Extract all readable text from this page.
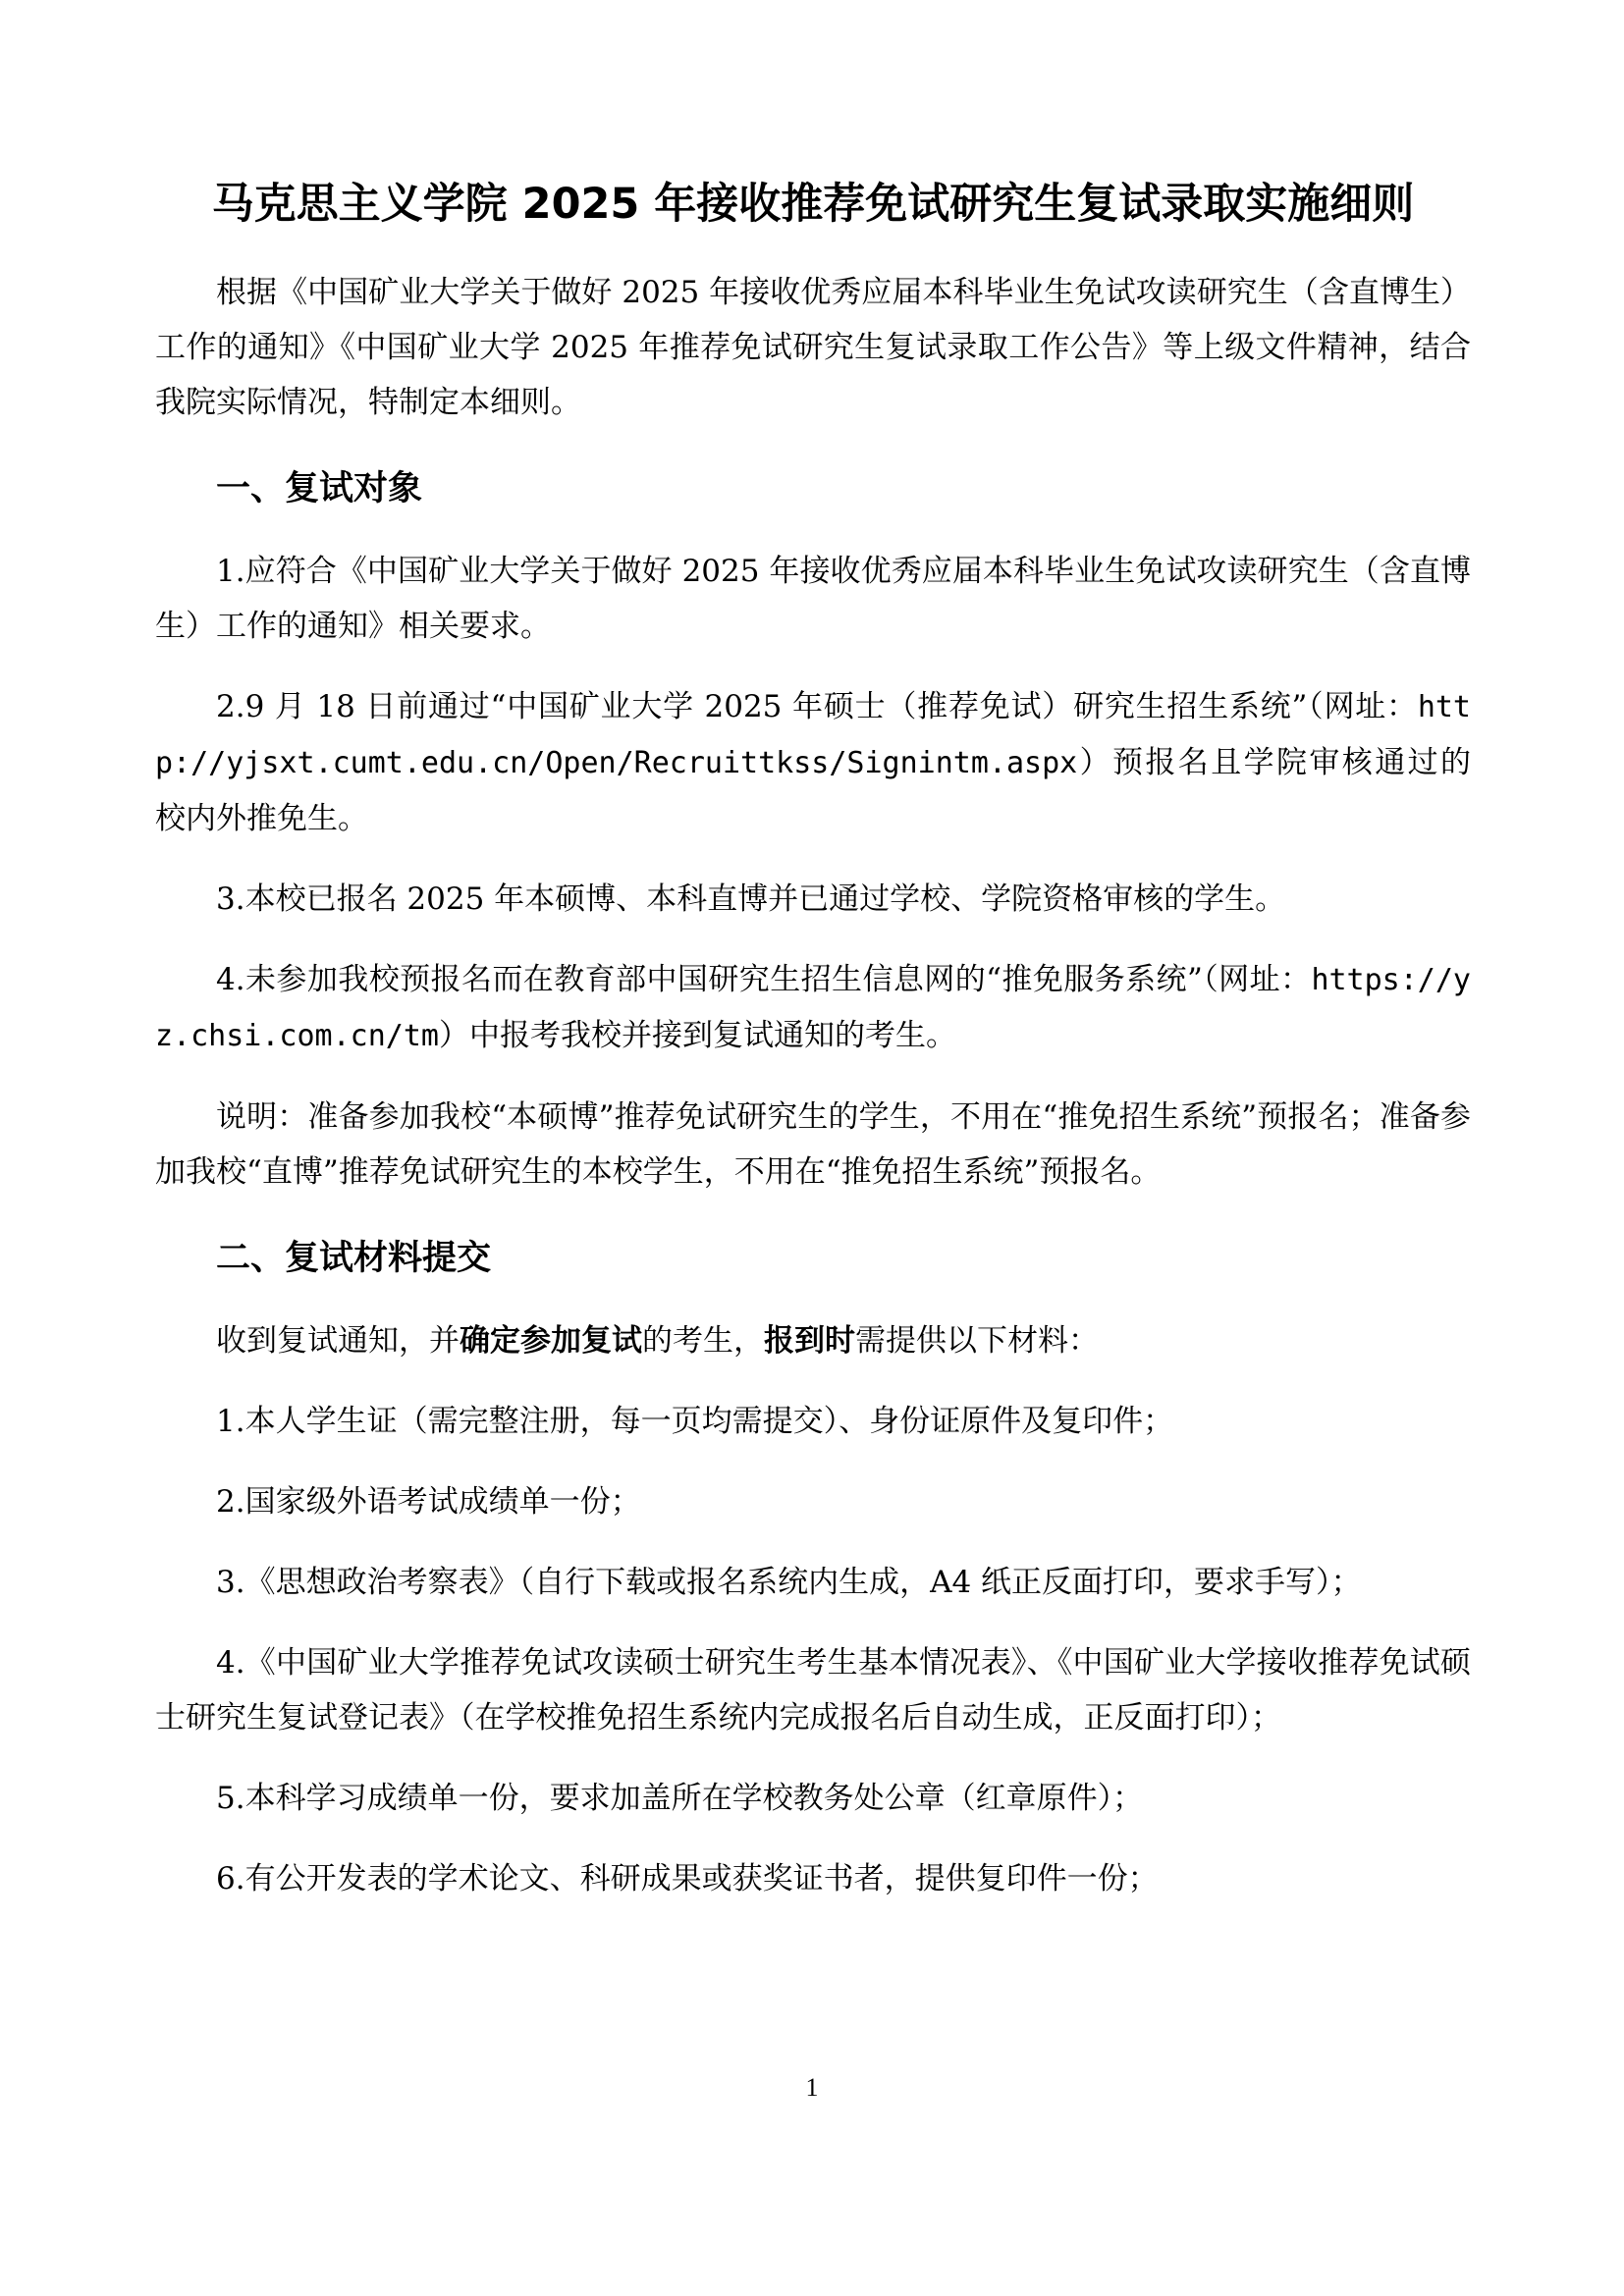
马克思主义学院 2025 年接收推荐免试研究生复试录取实施细则

根据《中国矿业大学关于做好 2025 年接收优秀应届本科毕业生免试攻读研究生（含直博生）工作的通知》《中国矿业大学 2025 年推荐免试研究生复试录取工作公告》等上级文件精神，结合我院实际情况，特制定本细则。

一、复试对象

1.应符合《中国矿业大学关于做好 2025 年接收优秀应届本科毕业生免试攻读研究生（含直博生）工作的通知》相关要求。

2.9 月 18 日前通过“中国矿业大学 2025 年硕士（推荐免试）研究生招生系统”（网址：http://yjsxt.cumt.edu.cn/Open/Recruittkss/Signintm.aspx）预报名且学院审核通过的校内外推免生。

3.本校已报名 2025 年本硕博、本科直博并已通过学校、学院资格审核的学生。

4.未参加我校预报名而在教育部中国研究生招生信息网的“推免服务系统”（网址：https://yz.chsi.com.cn/tm）中报考我校并接到复试通知的考生。

说明：准备参加我校“本硕博”推荐免试研究生的学生，不用在“推免招生系统”预报名；准备参加我校“直博”推荐免试研究生的本校学生，不用在“推免招生系统”预报名。

二、复试材料提交

收到复试通知，并确定参加复试的考生，报到时需提供以下材料：

1.本人学生证（需完整注册，每一页均需提交）、身份证原件及复印件；

2.国家级外语考试成绩单一份；

3.《思想政治考察表》（自行下载或报名系统内生成，A4 纸正反面打印，要求手写）；

4.《中国矿业大学推荐免试攻读硕士研究生考生基本情况表》、《中国矿业大学接收推荐免试硕士研究生复试登记表》（在学校推免招生系统内完成报名后自动生成，正反面打印）；

5.本科学习成绩单一份，要求加盖所在学校教务处公章（红章原件）；

6.有公开发表的学术论文、科研成果或获奖证书者，提供复印件一份；

1
